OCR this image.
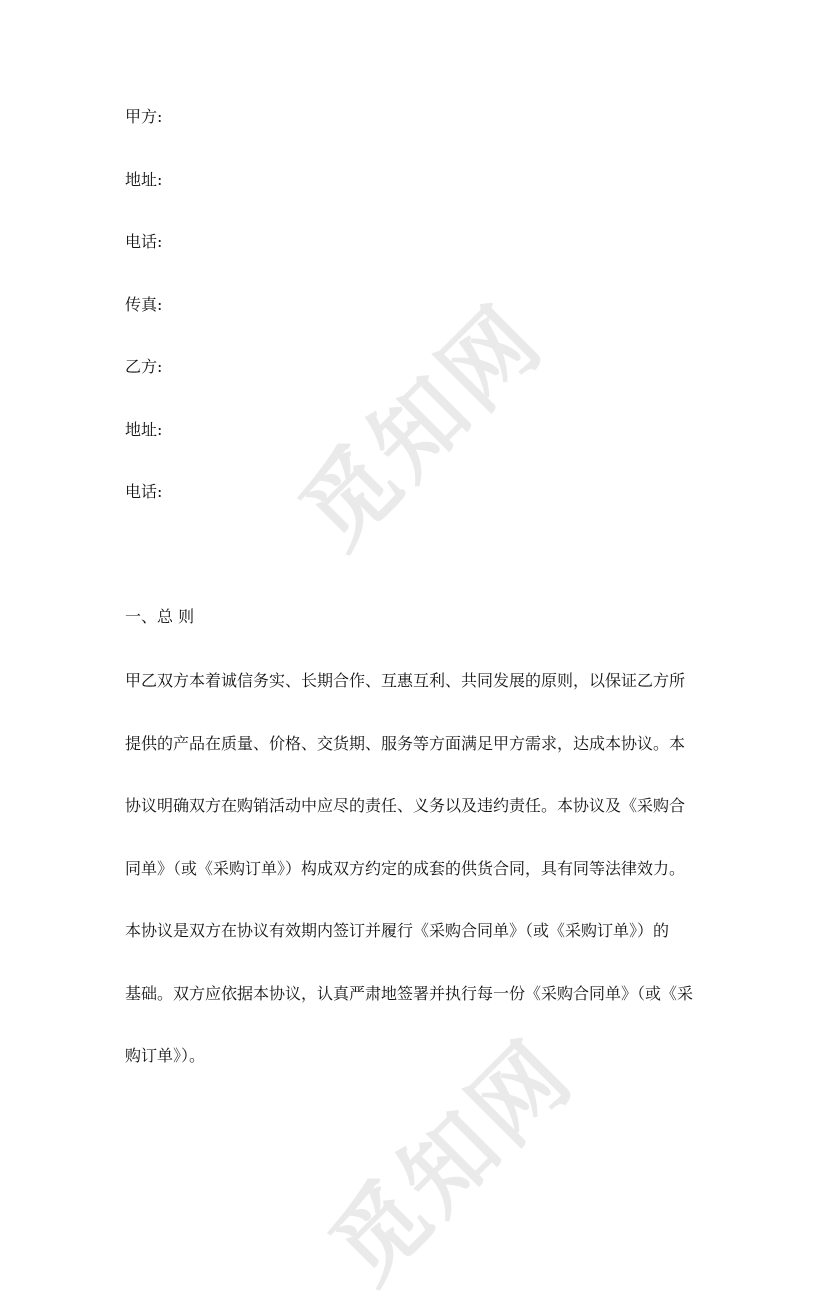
觅知网
觅知网
甲方:
地址:
电话:
传真:
乙方:
地址:
电话:
一、总 则
甲乙双方本着诚信务实、长期合作、互惠互利、共同发展的原则，以保证乙方所
提供的产品在质量、价格、交货期、服务等方面满足甲方需求，达成本协议。本
协议明确双方在购销活动中应尽的责任、义务以及违约责任。本协议及《采购合
同单》（或《采购订单》）构成双方约定的成套的供货合同，具有同等法律效力。
本协议是双方在协议有效期内签订并履行《采购合同单》（或《采购订单》）的
基础。双方应依据本协议，认真严肃地签署并执行每一份《采购合同单》（或《采
购订单》）。
